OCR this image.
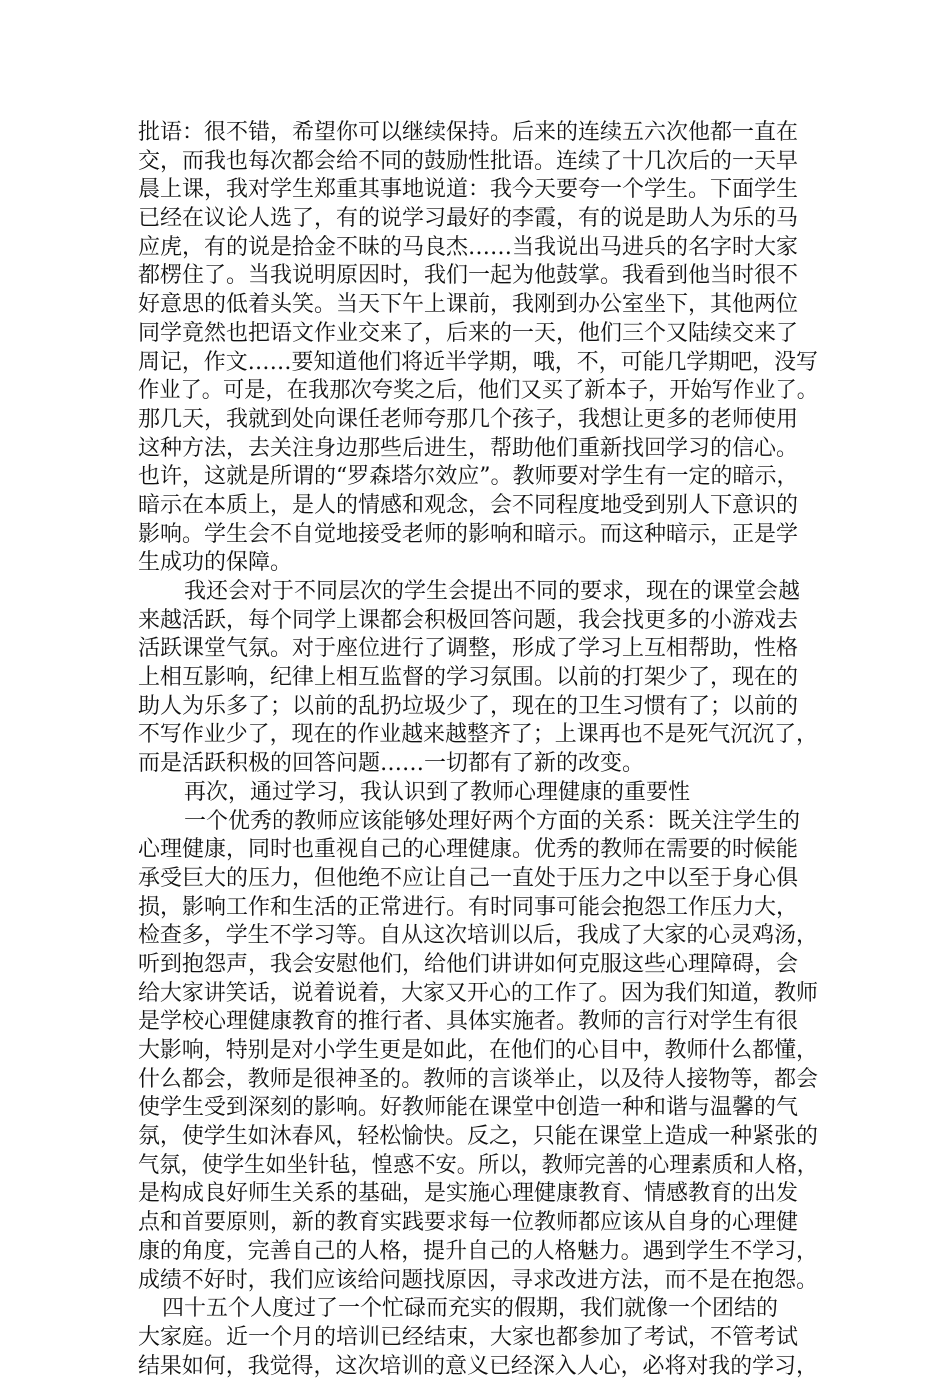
批语：很不错，希望你可以继续保持。后来的连续五六次他都一直在
交，而我也每次都会给不同的鼓励性批语。连续了十几次后的一天早
晨上课，我对学生郑重其事地说道：我今天要夸一个学生。下面学生
已经在议论人选了，有的说学习最好的李霞，有的说是助人为乐的马
应虎，有的说是拾金不昧的马良杰……当我说出马进兵的名字时大家
都楞住了。当我说明原因时，我们一起为他鼓掌。我看到他当时很不
好意思的低着头笑。当天下午上课前，我刚到办公室坐下，其他两位
同学竟然也把语文作业交来了，后来的一天，他们三个又陆续交来了
周记，作文……要知道他们将近半学期，哦，不，可能几学期吧，没写
作业了。可是，在我那次夸奖之后，他们又买了新本子，开始写作业了。
那几天，我就到处向课任老师夸那几个孩子，我想让更多的老师使用
这种方法，去关注身边那些后进生，帮助他们重新找回学习的信心。
也许，这就是所谓的“罗森塔尔效应”。教师要对学生有一定的暗示，
暗示在本质上，是人的情感和观念，会不同程度地受到别人下意识的
影响。学生会不自觉地接受老师的影响和暗示。而这种暗示，正是学
生成功的保障。
我还会对于不同层次的学生会提出不同的要求，现在的课堂会越
来越活跃，每个同学上课都会积极回答问题，我会找更多的小游戏去
活跃课堂气氛。对于座位进行了调整，形成了学习上互相帮助，性格
上相互影响，纪律上相互监督的学习氛围。以前的打架少了，现在的
助人为乐多了；以前的乱扔垃圾少了，现在的卫生习惯有了；以前的
不写作业少了，现在的作业越来越整齐了；上课再也不是死气沉沉了，
而是活跃积极的回答问题……一切都有了新的改变。
再次，通过学习，我认识到了教师心理健康的重要性
一个优秀的教师应该能够处理好两个方面的关系：既关注学生的
心理健康，同时也重视自己的心理健康。优秀的教师在需要的时候能
承受巨大的压力，但他绝不应让自己一直处于压力之中以至于身心俱
损，影响工作和生活的正常进行。有时同事可能会抱怨工作压力大，
检查多，学生不学习等。自从这次培训以后，我成了大家的心灵鸡汤，
听到抱怨声，我会安慰他们，给他们讲讲如何克服这些心理障碍，会
给大家讲笑话，说着说着，大家又开心的工作了。因为我们知道，教师
是学校心理健康教育的推行者、具体实施者。教师的言行对学生有很
大影响，特别是对小学生更是如此，在他们的心目中，教师什么都懂，
什么都会，教师是很神圣的。教师的言谈举止，以及待人接物等，都会
使学生受到深刻的影响。好教师能在课堂中创造一种和谐与温馨的气
氛，使学生如沐春风，轻松愉快。反之，只能在课堂上造成一种紧张的
气氛，使学生如坐针毡，惶惑不安。所以，教师完善的心理素质和人格，
是构成良好师生关系的基础，是实施心理健康教育、情感教育的出发
点和首要原则，新的教育实践要求每一位教师都应该从自身的心理健
康的角度，完善自己的人格，提升自己的人格魅力。遇到学生不学习，
成绩不好时，我们应该给问题找原因，寻求改进方法，而不是在抱怨。
四十五个人度过了一个忙碌而充实的假期，我们就像一个团结的
大家庭。近一个月的培训已经结束，大家也都参加了考试，不管考试
结果如何，我觉得，这次培训的意义已经深入人心，必将对我的学习，
